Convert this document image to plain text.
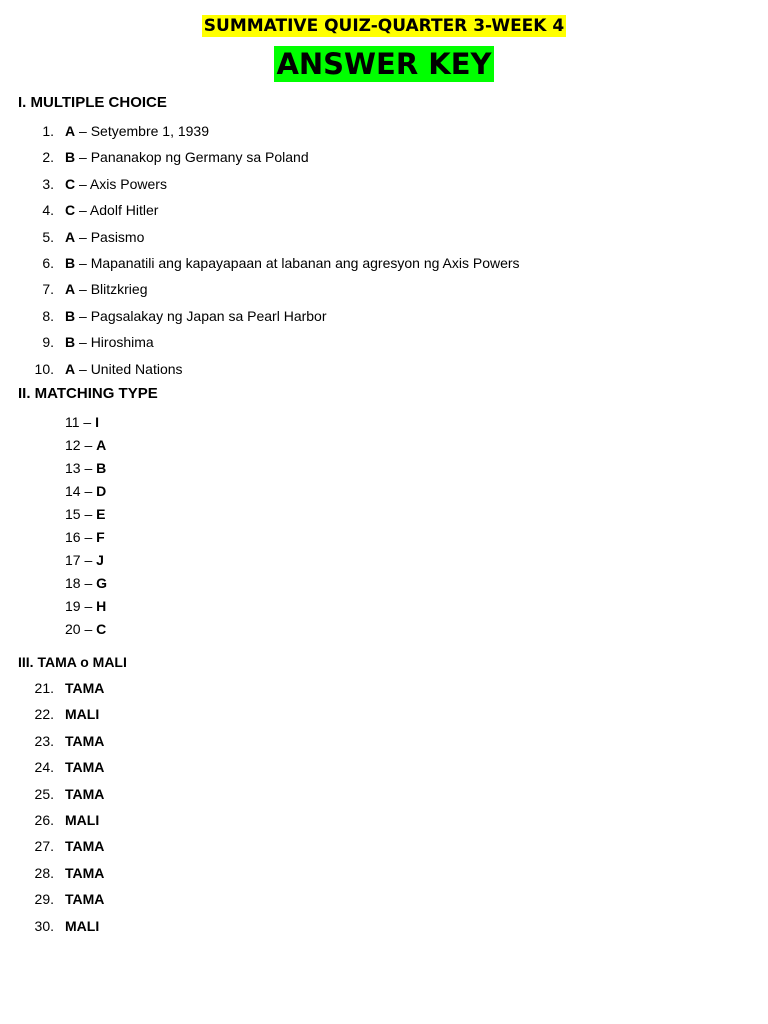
SUMMATIVE QUIZ-QUARTER 3-WEEK 4
ANSWER KEY
I. MULTIPLE CHOICE
1. A – Setyembre 1, 1939
2. B – Pananakop ng Germany sa Poland
3. C – Axis Powers
4. C – Adolf Hitler
5. A – Pasismo
6. B – Mapanatili ang kapayapaan at labanan ang agresyon ng Axis Powers
7. A – Blitzkrieg
8. B – Pagsalakay ng Japan sa Pearl Harbor
9. B – Hiroshima
10. A – United Nations
II. MATCHING TYPE
11 – I
12 – A
13 – B
14 – D
15 – E
16 – F
17 – J
18 – G
19 – H
20 – C
III. TAMA o MALI
21. TAMA
22. MALI
23. TAMA
24. TAMA
25. TAMA
26. MALI
27. TAMA
28. TAMA
29. TAMA
30. MALI
